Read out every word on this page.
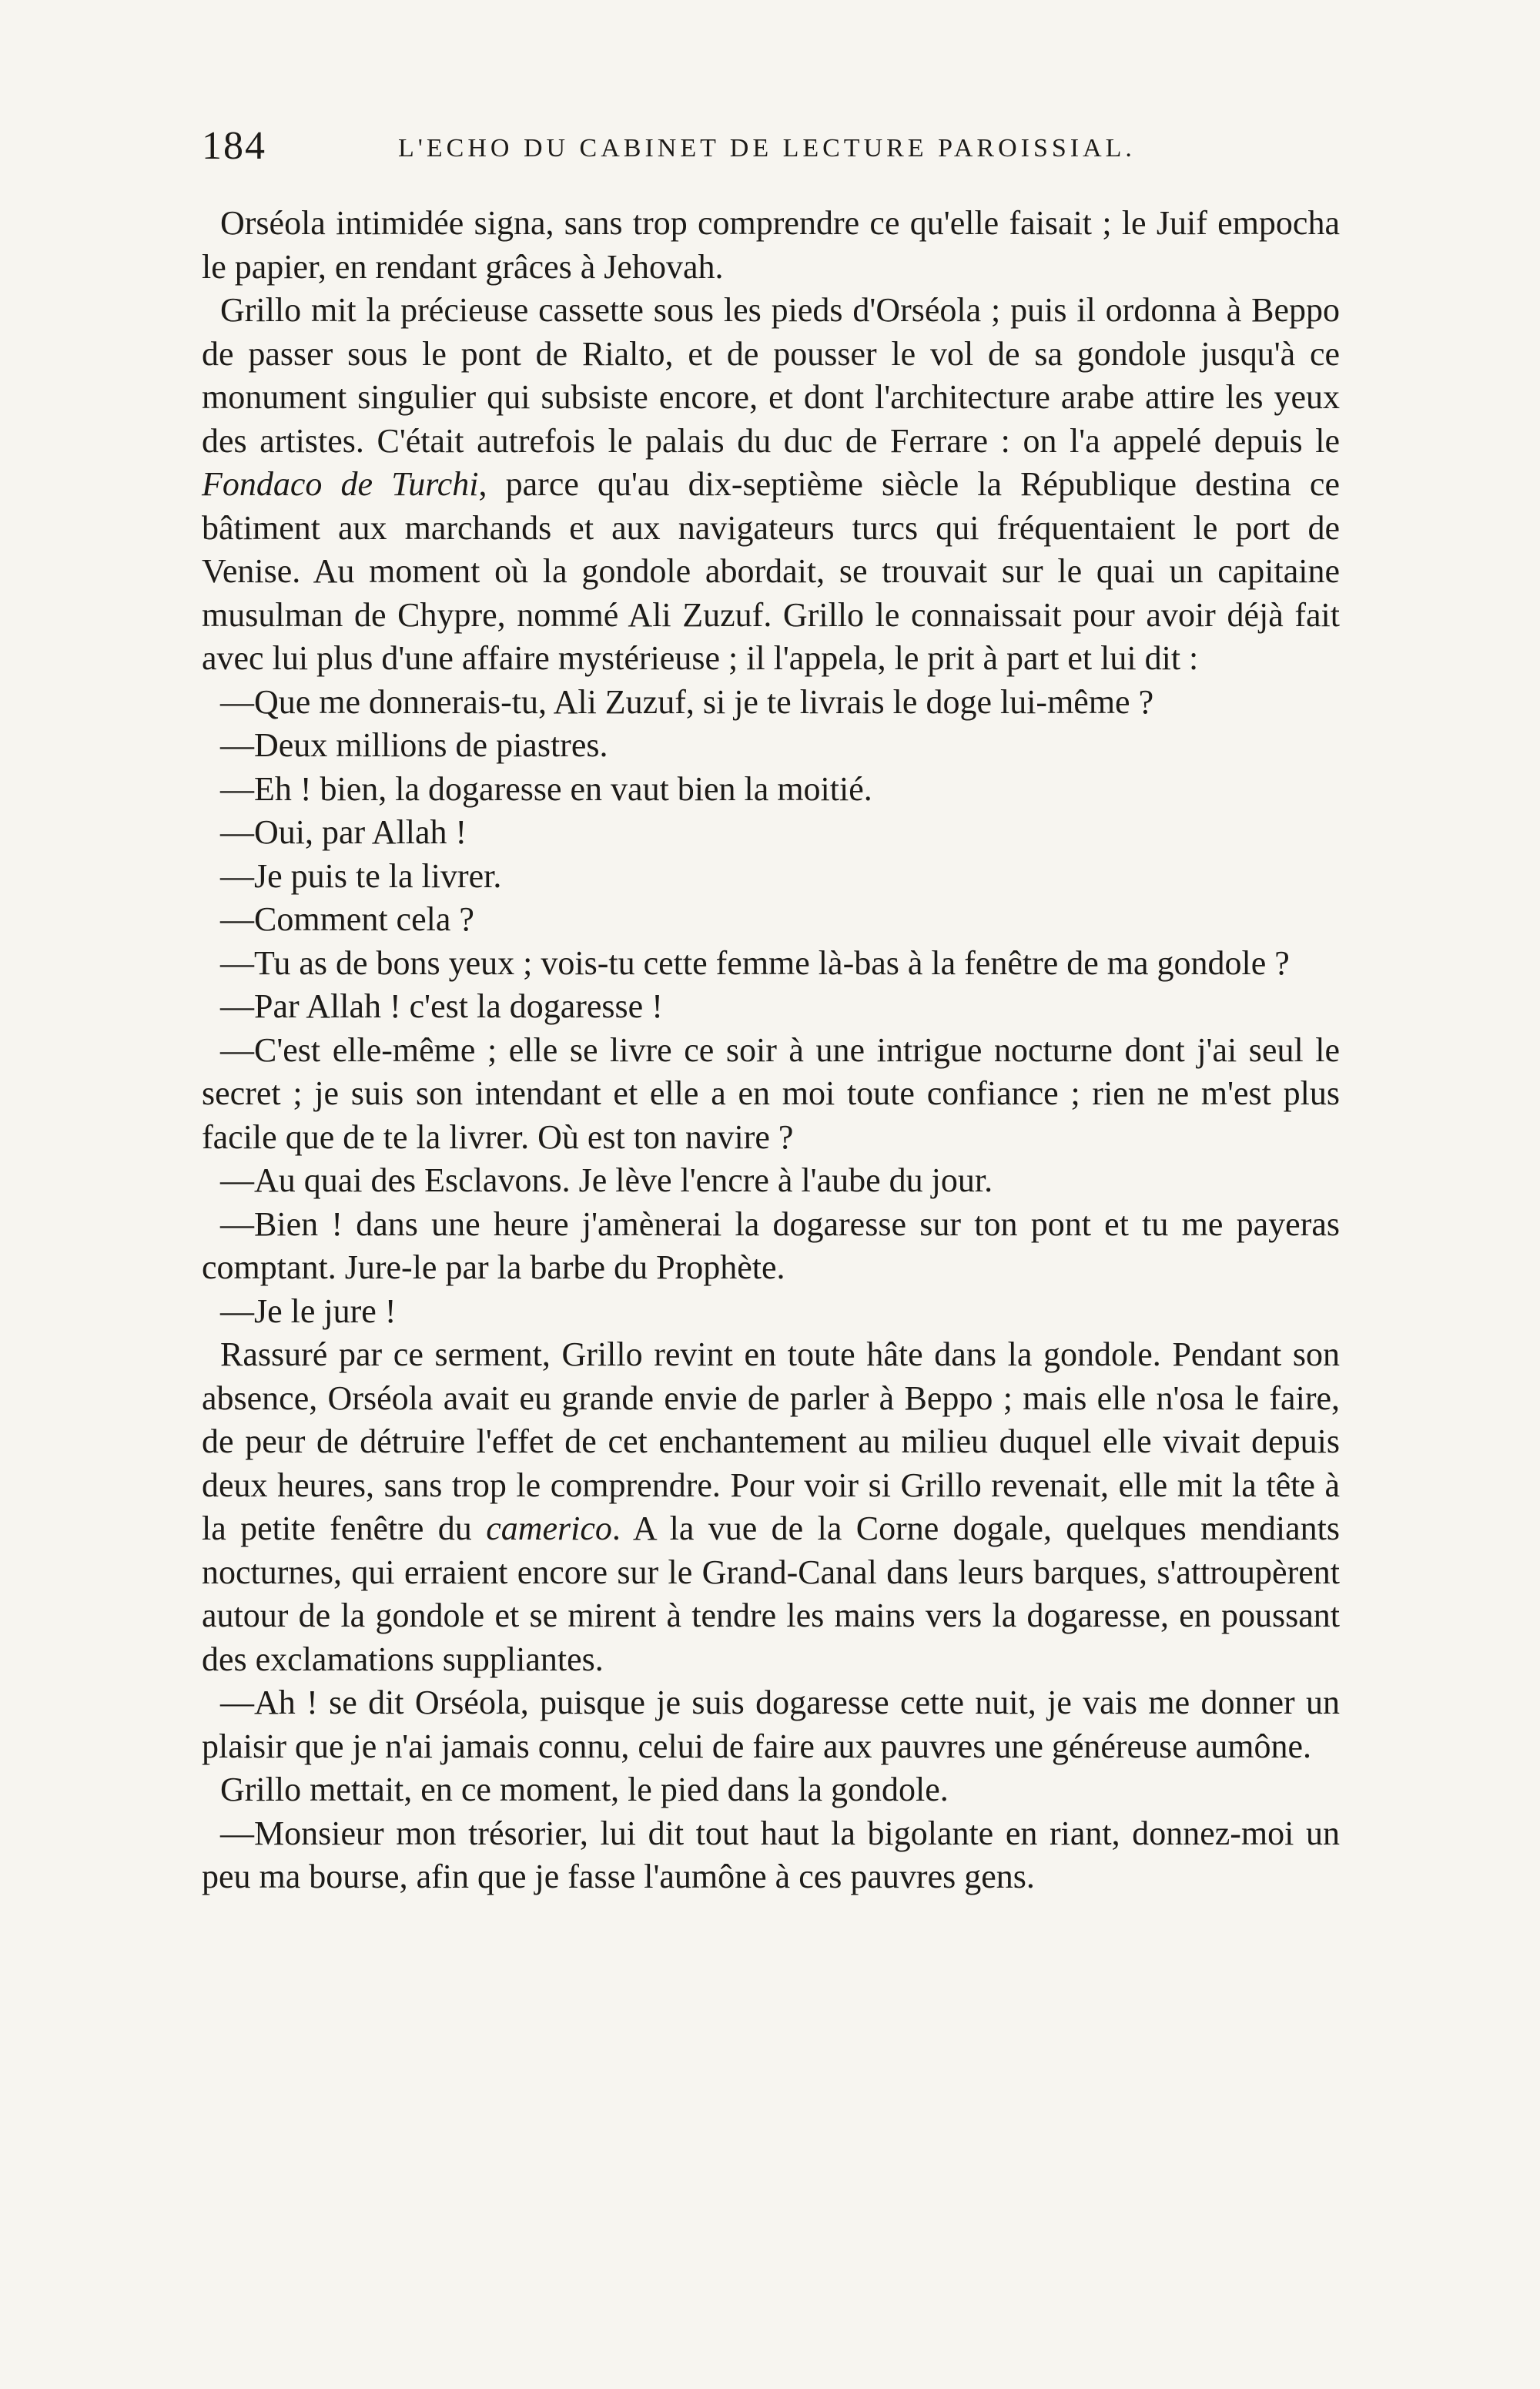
184	L'ECHO DU CABINET DE LECTURE PAROISSIAL.

Orséola intimidée signa, sans trop comprendre ce qu'elle faisait ; le Juif empocha le papier, en rendant grâces à Jehovah.

Grillo mit la précieuse cassette sous les pieds d'Orséola ; puis il ordonna à Beppo de passer sous le pont de Rialto, et de pousser le vol de sa gondole jusqu'à ce monument singulier qui subsiste encore, et dont l'architecture arabe attire les yeux des artistes. C'était autrefois le palais du duc de Ferrare : on l'a appelé depuis le Fondaco de Turchi, parce qu'au dix-septième siècle la République destina ce bâtiment aux marchands et aux navigateurs turcs qui fréquentaient le port de Venise. Au moment où la gondole abordait, se trouvait sur le quai un capitaine musulman de Chypre, nommé Ali Zuzuf. Grillo le connaissait pour avoir déjà fait avec lui plus d'une affaire mystérieuse ; il l'appela, le prit à part et lui dit :

—Que me donnerais-tu, Ali Zuzuf, si je te livrais le doge lui-même ?

—Deux millions de piastres.

—Eh ! bien, la dogaresse en vaut bien la moitié.

—Oui, par Allah !

—Je puis te la livrer.

—Comment cela ?

—Tu as de bons yeux ; vois-tu cette femme là-bas à la fenêtre de ma gondole ?

—Par Allah ! c'est la dogaresse !

—C'est elle-même ; elle se livre ce soir à une intrigue nocturne dont j'ai seul le secret ; je suis son intendant et elle a en moi toute confiance ; rien ne m'est plus facile que de te la livrer. Où est ton navire ?

—Au quai des Esclavons. Je lève l'encre à l'aube du jour.

—Bien ! dans une heure j'amènerai la dogaresse sur ton pont et tu me payeras comptant. Jure-le par la barbe du Prophète.

—Je le jure !

Rassuré par ce serment, Grillo revint en toute hâte dans la gondole. Pendant son absence, Orséola avait eu grande envie de parler à Beppo ; mais elle n'osa le faire, de peur de détruire l'effet de cet enchantement au milieu duquel elle vivait depuis deux heures, sans trop le comprendre. Pour voir si Grillo revenait, elle mit la tête à la petite fenêtre du camerico. A la vue de la Corne dogale, quelques mendiants nocturnes, qui erraient encore sur le Grand-Canal dans leurs barques, s'attroupèrent autour de la gondole et se mirent à tendre les mains vers la dogaresse, en poussant des exclamations suppliantes.

—Ah ! se dit Orséola, puisque je suis dogaresse cette nuit, je vais me donner un plaisir que je n'ai jamais connu, celui de faire aux pauvres une généreuse aumône.

Grillo mettait, en ce moment, le pied dans la gondole.

—Monsieur mon trésorier, lui dit tout haut la bigolante en riant, donnez-moi un peu ma bourse, afin que je fasse l'aumône à ces pauvres gens.
